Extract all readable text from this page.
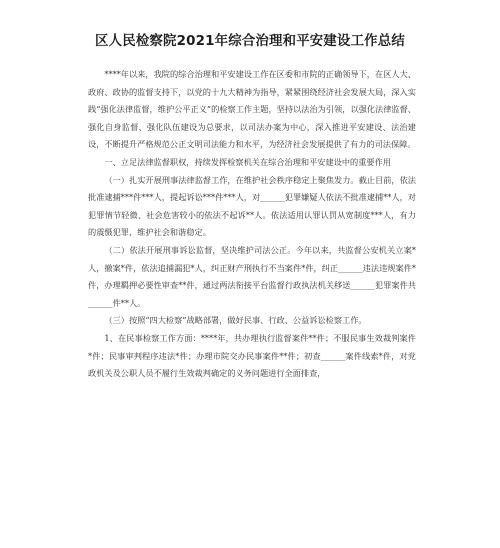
区人民检察院2021年综合治理和平安建设工作总结

****年以来，我院的综合治理和平安建设工作在区委和市院的正确领导下，在区人大、政府、政协的监督支持下，以党的十九大精神为指导，紧紧围绕经济社会发展大局，深入实践“强化法律监督，维护公平正义”的检察工作主题，坚持以法治为引领，以强化法律监督、强化自身监督、强化队伍建设为总要求，以司法办案为中心，深入推进平安建设、法治建设，不断提升严格规范公正文明司法能力和水平，为经济社会发展提供了有力的司法保障。

一、立足法律监督职权，持续发挥检察机关在综合治理和平安建设中的重要作用

（一）扎实开展刑事法律监督工作，在维护社会秩序稳定上聚焦发力。截止目前，依法批准逮捕***件***人，提起诉讼***件***人，对______犯罪嫌疑人依法不批准逮捕**人，对犯罪情节轻微、社会危害较小的依法不起诉**人。依法适用认罪认罚从宽制度***人，有力的震慑犯罪，维护社会和谐稳定。

（二）依法开展刑事诉讼监督，坚决维护司法公正。今年以来，共监督公安机关立案*人，撤案*件，依法追捕漏犯*人，纠正财产刑执行不当案件*件，纠正______违法违规案件*件，办理羁押必要性审查**件，通过两法衔接平台监督行政执法机关移送______犯罪案件共______件**人。

（三）按照“四大检察”战略部署，做好民事、行政、公益诉讼检察工作。

1、在民事检察工作方面：****年，共办理执行监督案件**件；不服民事生效裁判案件*件；民事审判程序违法*件；办理市院交办民事案件**件；初查______案件线索*件，对党政机关及公职人员不履行生效裁判确定的义务问题进行全面排查，
